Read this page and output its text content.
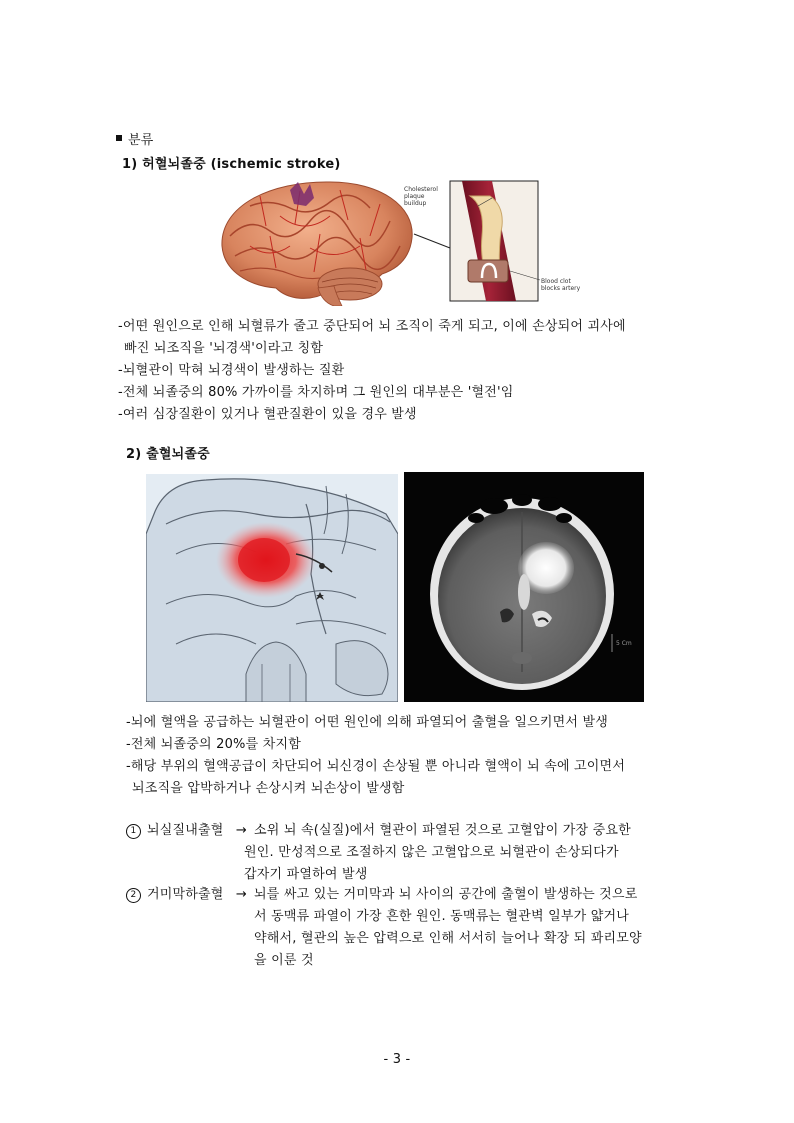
분류
1) 허혈뇌졸중 (ischemic stroke)
Cholesterol
plaque
buildup
Blood clot
blocks artery
-어떤 원인으로 인해 뇌혈류가 줄고 중단되어 뇌 조직이 죽게 되고, 이에 손상되어 괴사에
빠진 뇌조직을 '뇌경색'이라고 칭함
-뇌혈관이 막혀 뇌경색이 발생하는 질환
-전체 뇌졸중의 80% 가까이를 차지하며 그 원인의 대부분은 '혈전'임
-여러 심장질환이 있거나 혈관질환이 있을 경우 발생
2) 출혈뇌졸중
5 Cm
-뇌에 혈액을 공급하는 뇌혈관이 어떤 원인에 의해 파열되어 출혈을 일으키면서 발생
-전체 뇌졸중의 20%를 차지함
-해당 부위의 혈액공급이 차단되어 뇌신경이 손상될 뿐 아니라 혈액이 뇌 속에 고이면서
뇌조직을 압박하거나 손상시켜 뇌손상이 발생함
1 뇌실질내출혈 → 소위 뇌 속(실질)에서 혈관이 파열된 것으로 고혈압이 가장 중요한
원인. 만성적으로 조절하지 않은 고혈압으로 뇌혈관이 손상되다가
갑자기 파열하여 발생
2 거미막하출혈 → 뇌를 싸고 있는 거미막과 뇌 사이의 공간에 출혈이 발생하는 것으로
서 동맥류 파열이 가장 흔한 원인. 동맥류는 혈관벽 일부가 얇거나
약해서, 혈관의 높은 압력으로 인해 서서히 늘어나 확장 되 꽈리모양
을 이룬 것
- 3 -
